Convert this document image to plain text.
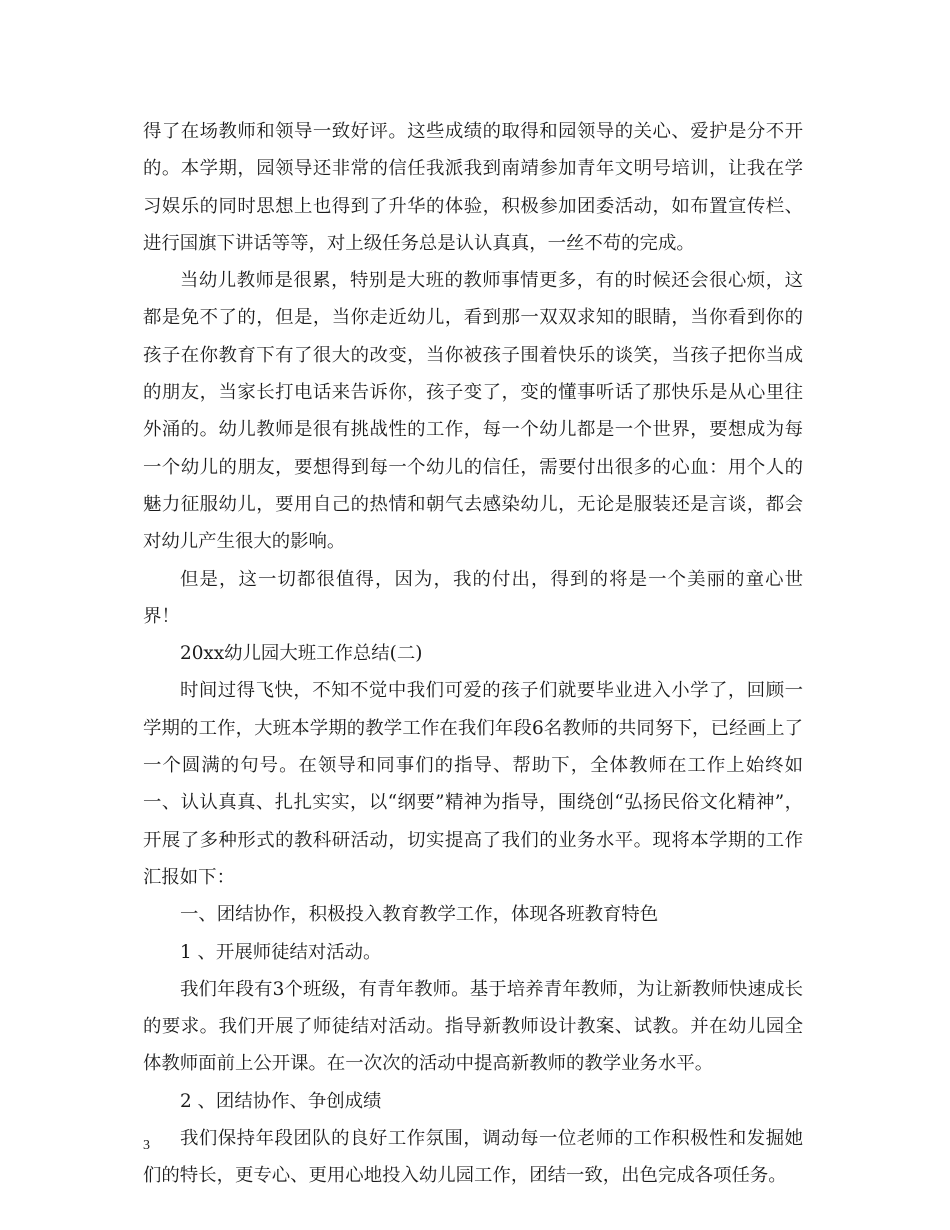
得了在场教师和领导一致好评。这些成绩的取得和园领导的关心、爱护是分不开的。本学期，园领导还非常的信任我派我到南靖参加青年文明号培训，让我在学习娱乐的同时思想上也得到了升华的体验，积极参加团委活动，如布置宣传栏、进行国旗下讲话等等，对上级任务总是认认真真，一丝不苟的完成。

当幼儿教师是很累，特别是大班的教师事情更多，有的时候还会很心烦，这都是免不了的，但是，当你走近幼儿，看到那一双双求知的眼睛，当你看到你的孩子在你教育下有了很大的改变，当你被孩子围着快乐的谈笑，当孩子把你当成的朋友，当家长打电话来告诉你，孩子变了，变的懂事听话了那快乐是从心里往外涌的。幼儿教师是很有挑战性的工作，每一个幼儿都是一个世界，要想成为每一个幼儿的朋友，要想得到每一个幼儿的信任，需要付出很多的心血：用个人的魅力征服幼儿，要用自己的热情和朝气去感染幼儿，无论是服装还是言谈，都会对幼儿产生很大的影响。

但是，这一切都很值得，因为，我的付出，得到的将是一个美丽的童心世界！

20xx幼儿园大班工作总结(二)

时间过得飞快，不知不觉中我们可爱的孩子们就要毕业进入小学了，回顾一学期的工作，大班本学期的教学工作在我们年段6名教师的共同努下，已经画上了一个圆满的句号。在领导和同事们的指导、帮助下，全体教师在工作上始终如一、认认真真、扎扎实实，以“纲要”精神为指导，围绕创“弘扬民俗文化精神”，开展了多种形式的教科研活动，切实提高了我们的业务水平。现将本学期的工作汇报如下：

一、团结协作，积极投入教育教学工作，体现各班教育特色

1 、开展师徒结对活动。

我们年段有3个班级，有青年教师。基于培养青年教师，为让新教师快速成长的要求。我们开展了师徒结对活动。指导新教师设计教案、试教。并在幼儿园全体教师面前上公开课。在一次次的活动中提高新教师的教学业务水平。

2 、团结协作、争创成绩

我们保持年段团队的良好工作氛围，调动每一位老师的工作积极性和发掘她们的特长，更专心、更用心地投入幼儿园工作，团结一致，出色完成各项任务。

3
